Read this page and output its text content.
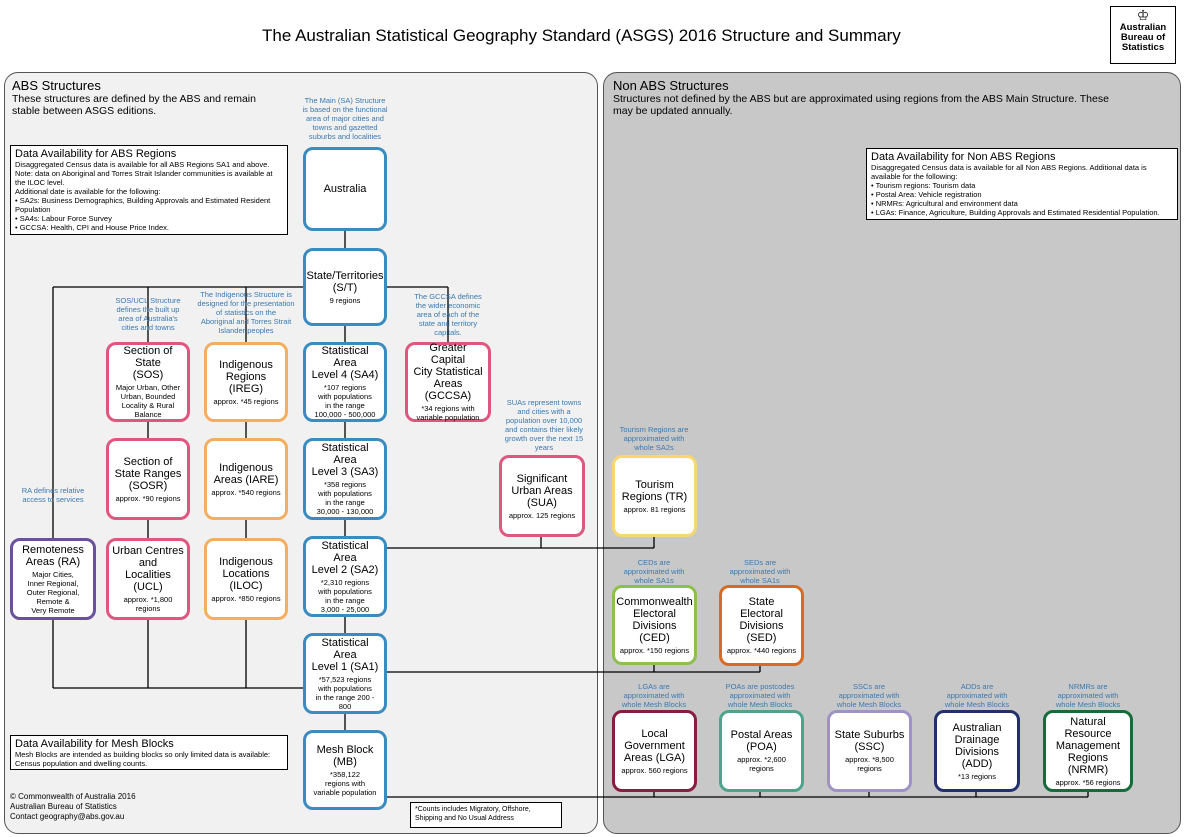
The Australian Statistical Geography Standard (ASGS) 2016 Structure and Summary
♔
Australian
Bureau of
Statistics
ABS Structures
These structures are defined by the ABS and remain stable between ASGS editions.
Data Availability for ABS Regions
Disaggregated Census data is available for all ABS Regions SA1 and above.
Note: data on Aboriginal and Torres Strait Islander communities is available at the ILOC level.
Additional date is available for the following:
• SA2s: Business Demographics, Building Approvals and Estimated Resident Population
• SA4s: Labour Force Survey
• GCCSA: Health, CPI and House Price Index.
Data Availability for Mesh Blocks
Mesh Blocks are intended as building blocks so only limited data is available:
Census population and dwelling counts.
Non ABS Structures
Structures not defined by the ABS but are approximated using regions from the ABS Main Structure. These may be updated annually.
Data Availability for Non ABS Regions
Disaggregated Census data is available for all Non ABS Regions. Additional data is available for the following:
• Tourism regions: Tourism data
• Postal Area: Vehicle registration
• NRMRs: Agricultural and environment data
• LGAs: Finance, Agriculture, Building Approvals and Estimated Residential Population.
The Main (SA) Structure
is based on the functional
area of major cities and
towns and gazetted
suburbs and localities
SOS/UCL Structure
defines the built up
area of Australia's
cities and towns
The Indigenous Structure is
designed for the presentation
of statistics on the
Aboriginal and Torres Strait
Islander peoples
The GCCSA defines
the wider economic
area of each of the
state and territory
capitals.
SUAs represent towns
and cities with a
population over 10,000
and contains thier likely
growth over the next 15
years
RA defines relative
access to services
Tourism Regions are
approximated with
whole SA2s
CEDs are
approximated with
whole SA1s
SEDs are
approximated with
whole SA1s
LGAs are
approximated with
whole Mesh Blocks
POAs are postcodes
approximated with
whole Mesh Blocks
SSCs are
approximated with
whole Mesh Blocks
ADDs are
approximated with
whole Mesh Blocks
NRMRs are
approximated with
whole Mesh Blocks
Australia
State/Territories
(S/T)
9 regions
Statistical Area
Level 4 (SA4)
*107 regions
with populations
in the range
100,000 - 500,000
Statistical Area
Level 3 (SA3)
*358 regions
with populations
in the range
30,000 - 130,000
Statistical Area
Level 2 (SA2)
*2,310 regions
with populations
in the range
3,000 - 25,000
Statistical Area
Level 1 (SA1)
*57,523 regions
with populations
in the range 200 - 800
Mesh Block
(MB)
*358,122
regions with
variable population
Section of State
(SOS)
Major Urban, Other
Urban, Bounded
Locality & Rural
Balance
Section of
State Ranges
(SOSR)
approx. *90 regions
Urban Centres
and
Localities
(UCL)
approx. *1,800 regions
Indigenous
Regions (IREG)
approx. *45 regions
Indigenous
Areas (IARE)
approx. *540 regions
Indigenous
Locations
(ILOC)
approx. *850 regions
Greater Capital
City Statistical
Areas (GCCSA)
*34 regions with
variable population
Significant
Urban Areas
(SUA)
approx. 125 regions
Remoteness
Areas (RA)
Major Cities,
Inner Regional,
Outer Regional,
Remote &
Very Remote
Tourism
Regions (TR)
approx. 81 regions
Commonwealth
Electoral
Divisions (CED)
approx. *150 regions
State
Electoral
Divisions (SED)
approx. *440 regions
Local
Government
Areas (LGA)
approx. 560 regions
Postal Areas
(POA)
approx. *2,600
regions
State Suburbs
(SSC)
approx. *8,500
regions
Australian
Drainage
Divisions (ADD)
*13 regions
Natural
Resource
Management
Regions (NRMR)
approx. *56 regions
© Commonwealth of Australia 2016
Australian Bureau of Statistics
Contact geography@abs.gov.au
*Counts includes Migratory, Offshore, Shipping and No Usual Address
